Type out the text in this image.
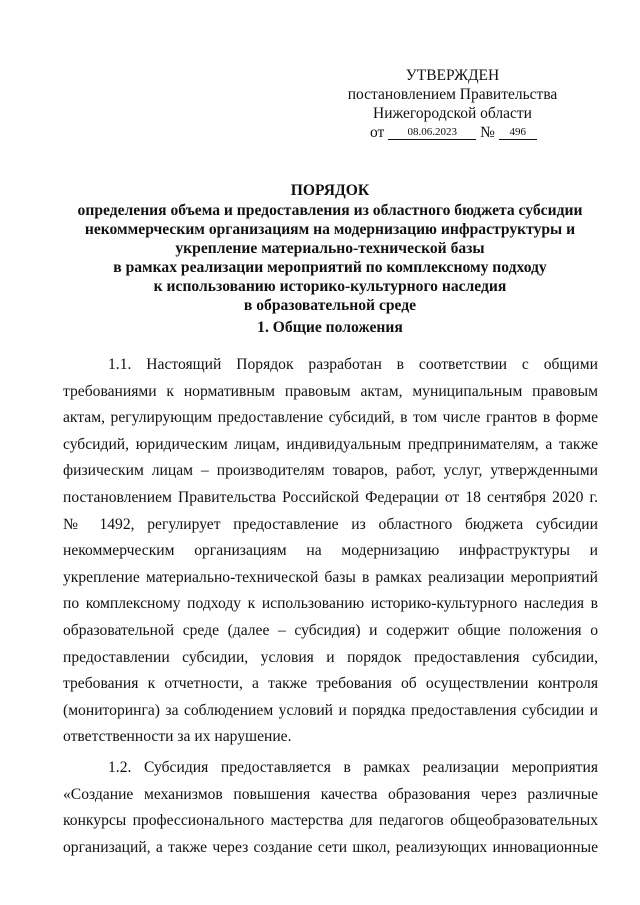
УТВЕРЖДЕН
постановлением Правительства
Нижегородской области
от 08.06.2023 № 496
ПОРЯДОК
определения объема и предоставления из областного бюджета субсидии
некоммерческим организациям на модернизацию инфраструктуры и
укрепление материально-технической базы
в рамках реализации мероприятий по комплексному подходу
к использованию историко-культурного наследия
в образовательной среде
1. Общие положения
1.1. Настоящий Порядок разработан в соответствии с общими
требованиями к нормативным правовым актам, муниципальным правовым
актам, регулирующим предоставление субсидий, в том числе грантов в форме
субсидий, юридическим лицам, индивидуальным предпринимателям, а также
физическим лицам – производителям товаров, работ, услуг, утвержденными
постановлением Правительства Российской Федерации от 18 сентября 2020 г.
№ 1492, регулирует предоставление из областного бюджета субсидии
некоммерческим организациям на модернизацию инфраструктуры и
укрепление материально-технической базы в рамках реализации мероприятий
по комплексному подходу к использованию историко-культурного наследия в
образовательной среде (далее – субсидия) и содержит общие положения о
предоставлении субсидии, условия и порядок предоставления субсидии,
требования к отчетности, а также требования об осуществлении контроля
(мониторинга) за соблюдением условий и порядка предоставления субсидии и
ответственности за их нарушение.
1.2. Субсидия предоставляется в рамках реализации мероприятия
«Создание механизмов повышения качества образования через различные
конкурсы профессионального мастерства для педагогов общеобразовательных
организаций, а также через создание сети школ, реализующих инновационные
